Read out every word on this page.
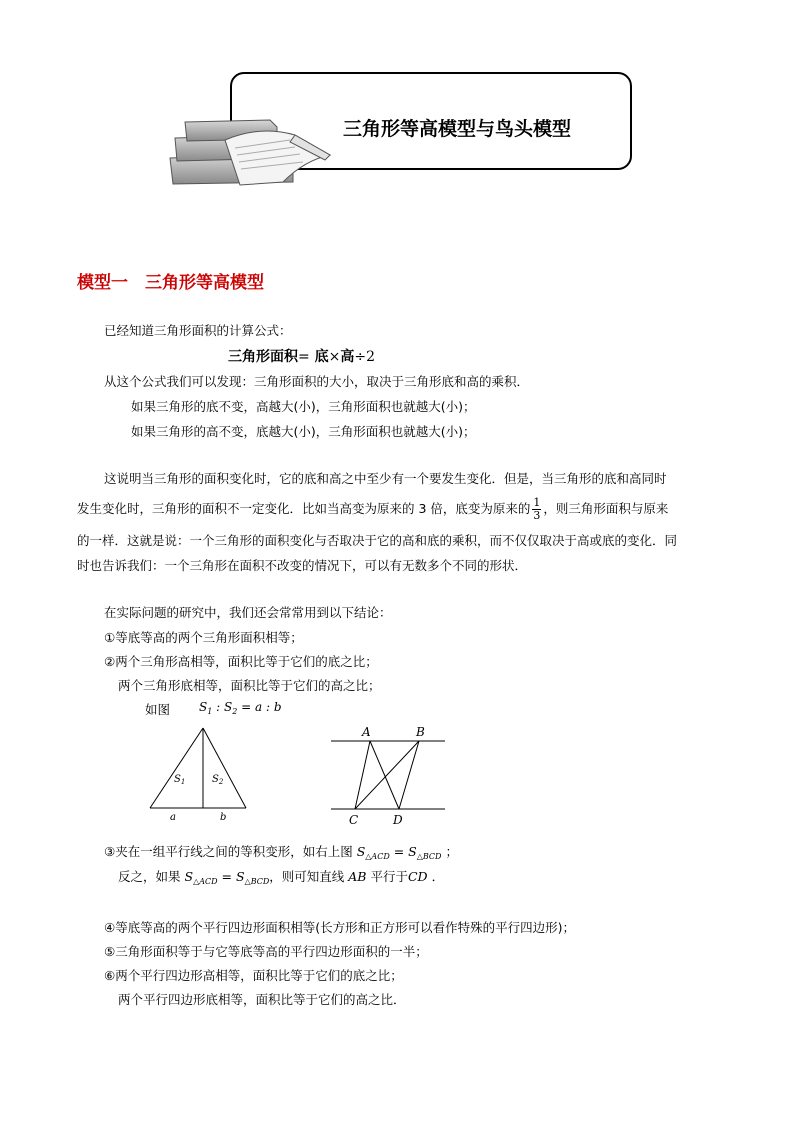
三角形等高模型与鸟头模型
模型一　三角形等高模型
已经知道三角形面积的计算公式：
三角形面积= 底×高÷2
从这个公式我们可以发现：三角形面积的大小，取决于三角形底和高的乘积．
如果三角形的底不变，高越大(小)，三角形面积也就越大(小)；
如果三角形的高不变，底越大(小)，三角形面积也就越大(小)；
这说明当三角形的面积变化时，它的底和高之中至少有一个要发生变化．但是，当三角形的底和高同时
发生变化时，三角形的面积不一定变化．比如当高变为原来的 3 倍，底变为原来的 $\frac{1}{3}$ ，则三角形面积与原来
的一样．这就是说：一个三角形的面积变化与否取决于它的高和底的乘积，而不仅仅取决于高或底的变化．同
时也告诉我们：一个三角形在面积不改变的情况下，可以有无数多个不同的形状．
在实际问题的研究中，我们还会常常用到以下结论：
①等底等高的两个三角形面积相等；
②两个三角形高相等，面积比等于它们的底之比；
两个三角形底相等，面积比等于它们的高之比；
如图 $S_1$ : $S_2 = a$ : b
$S_1$	$S_2$
a	b
A	B
C	D
③夹在一组平行线之间的等积变形，如右上图 $S_{\triangle ACD} = S_{\triangle BCD}$ ；
反之，如果 $S_{\triangle ACD} = S_{\triangle BCD}$，则可知直线 AB 平行于CD ．
④等底等高的两个平行四边形面积相等(长方形和正方形可以看作特殊的平行四边形)；
⑤三角形面积等于与它等底等高的平行四边形面积的一半；
⑥两个平行四边形高相等，面积比等于它们的底之比；
两个平行四边形底相等，面积比等于它们的高之比．
